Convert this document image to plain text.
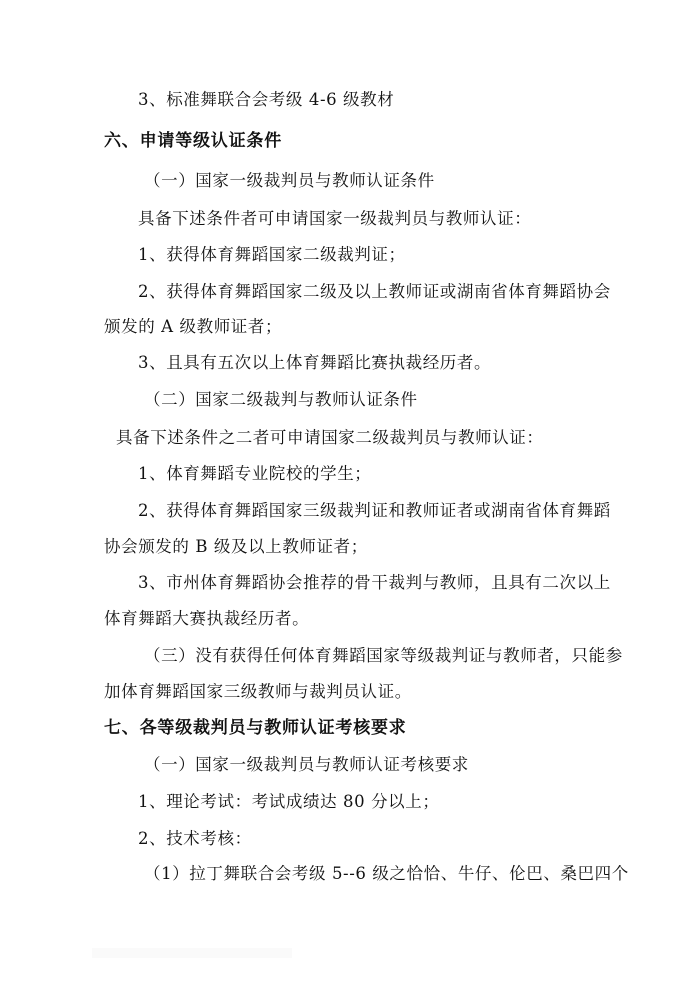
3、标准舞联合会考级 4-6 级教材
六、申请等级认证条件
（一）国家一级裁判员与教师认证条件
具备下述条件者可申请国家一级裁判员与教师认证：
1、获得体育舞蹈国家二级裁判证；
2、获得体育舞蹈国家二级及以上教师证或湖南省体育舞蹈协会
颁发的 A 级教师证者；
3、且具有五次以上体育舞蹈比赛执裁经历者。
（二）国家二级裁判与教师认证条件
具备下述条件之二者可申请国家二级裁判员与教师认证：
1、体育舞蹈专业院校的学生；
2、获得体育舞蹈国家三级裁判证和教师证者或湖南省体育舞蹈
协会颁发的 B 级及以上教师证者；
3、市州体育舞蹈协会推荐的骨干裁判与教师，且具有二次以上
体育舞蹈大赛执裁经历者。
（三）没有获得任何体育舞蹈国家等级裁判证与教师者，只能参
加体育舞蹈国家三级教师与裁判员认证。
七、各等级裁判员与教师认证考核要求
（一）国家一级裁判员与教师认证考核要求
1、理论考试：考试成绩达 80 分以上；
2、技术考核：
（1）拉丁舞联合会考级 5--6 级之恰恰、牛仔、伦巴、桑巴四个
